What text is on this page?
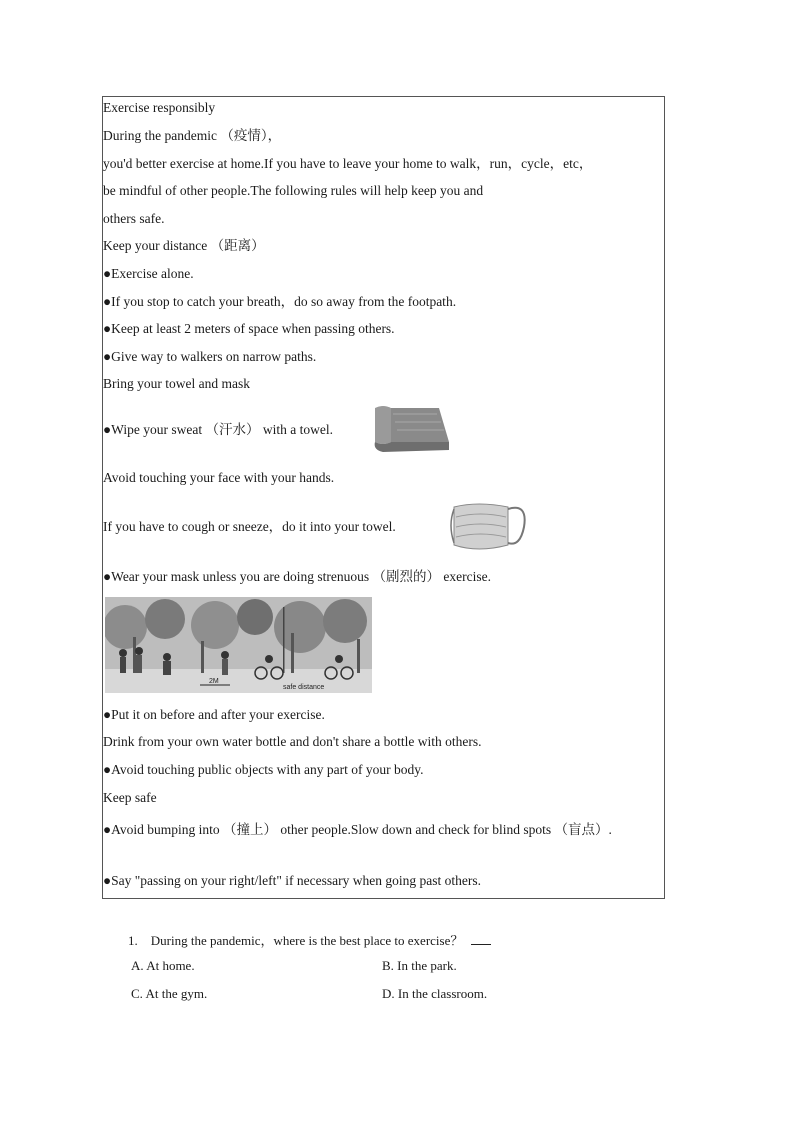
Exercise responsibly
During the pandemic （疫情），
you'd better exercise at home.If you have to leave your home to walk，run，cycle，etc，
be mindful of other people.The following rules will help keep you and
others safe.
Keep your distance （距离）
●Exercise alone.
●If you stop to catch your breath，do so away from the footpath.
●Keep at least 2 meters of space when passing others.
●Give way to walkers on narrow paths.
Bring your towel and mask
●Wipe your sweat （汗水） with a towel.
Avoid touching your face with your hands.
If you have to cough or sneeze，do it into your towel.
●Wear your mask unless you are doing strenuous （剧烈的） exercise.
2M
safe distance
●Put it on before and after your exercise.
Drink from your own water bottle and don't share a bottle with others.
●Avoid touching public objects with any part of your body.
Keep safe
●Avoid bumping into （撞上） other people.Slow down and check for blind spots （盲点）.
●Say "passing on your right/left" if necessary when going past others.
1. During the pandemic，where is the best place to exercise？
A. At home.	B. In the park.
C. At the gym.	D. In the classroom.
